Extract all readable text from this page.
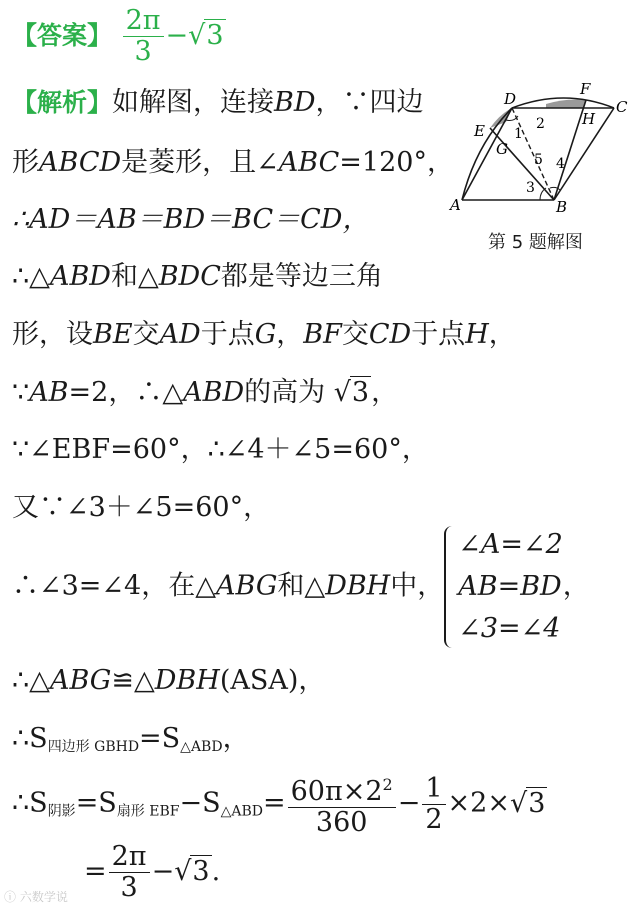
【答案】 $\frac{2\pi}{3} -√3$
【解析】如解图，连接BD，∵四边
形ABCD是菱形，且∠ABC=120°，
∴AD＝AB＝BD＝BC＝CD，
∴△ABD和△BDC都是等边三角
形，设BE交AD于点G，BF交CD于点H，
∵AB=2，∴△ABD的高为 √3，
∵∠EBF=60°，∴∠4＋∠5=60°，
又∵∠3＋∠5=60°，
∴∠3=∠4，在△ABG和△DBH中，
∠A=∠2
AB=BD
∠3=∠4
，
∴△ABG≌△DBH(ASA)，
$\therefore S_{四边形 GBHD}=S_{\triangle ABD}$，
$\therefore S_{阴影}=S_{扇形 EBF}-S_{\triangle ABD}= \frac{60\pi\times 2^2}{360} - \frac{1}{2} \times 2\times√3$
= $\frac{2\pi}{3} -√3$.
A	B
C
D
E
F
G
H
1
2
3
4
5
第 5 题解图
ⓘ 六数学说
